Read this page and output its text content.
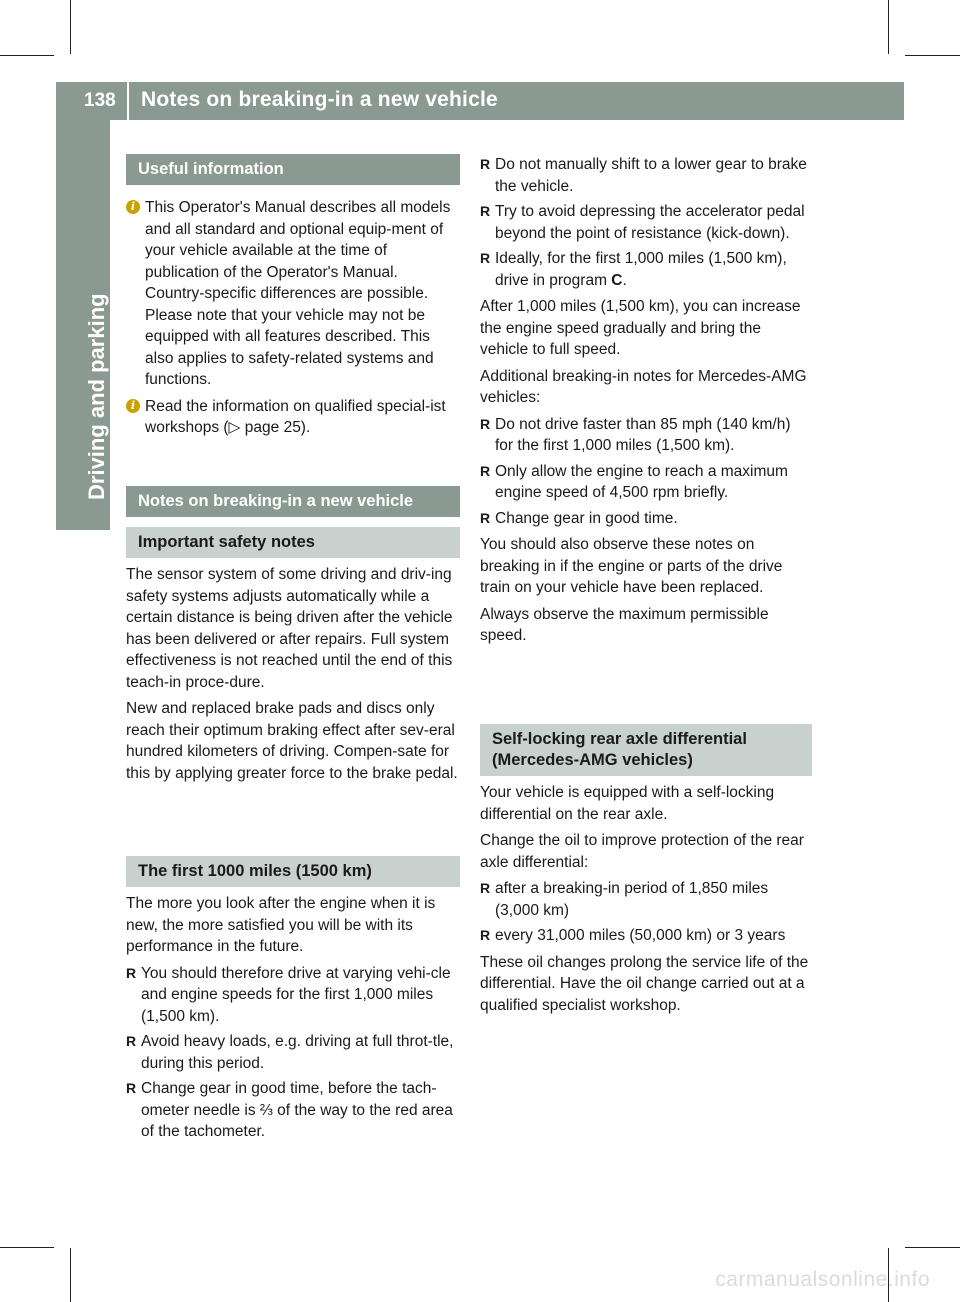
138 Notes on breaking-in a new vehicle
Driving and parking
Useful information
i This Operator's Manual describes all models and all standard and optional equip-ment of your vehicle available at the time of publication of the Operator's Manual. Country-specific differences are possible. Please note that your vehicle may not be equipped with all features described. This also applies to safety-related systems and functions.
i Read the information on qualified special-ist workshops (▷ page 25).
Notes on breaking-in a new vehicle
Important safety notes

The sensor system of some driving and driv-ing safety systems adjusts automatically while a certain distance is being driven after the vehicle has been delivered or after repairs. Full system effectiveness is not reached until the end of this teach-in proce-dure.

New and replaced brake pads and discs only reach their optimum braking effect after sev-eral hundred kilometers of driving. Compen-sate for this by applying greater force to the brake pedal.

The first 1000 miles (1500 km)

The more you look after the engine when it is new, the more satisfied you will be with its performance in the future.

R You should therefore drive at varying vehi-cle and engine speeds for the first 1,000 miles (1,500 km).
R Avoid heavy loads, e.g. driving at full throt-tle, during this period.
R Change gear in good time, before the tach-ometer needle is ⅔ of the way to the red area of the tachometer.
R Do not manually shift to a lower gear to brake the vehicle.
R Try to avoid depressing the accelerator pedal beyond the point of resistance (kick-down).
R Ideally, for the first 1,000 miles (1,500 km), drive in program C.

After 1,000 miles (1,500 km), you can increase the engine speed gradually and bring the vehicle to full speed.

Additional breaking-in notes for Mercedes-AMG vehicles:

R Do not drive faster than 85 mph (140 km/h) for the first 1,000 miles (1,500 km).
R Only allow the engine to reach a maximum engine speed of 4,500 rpm briefly.
R Change gear in good time.

You should also observe these notes on breaking in if the engine or parts of the drive train on your vehicle have been replaced.

Always observe the maximum permissible speed.

Self-locking rear axle differential (Mercedes-AMG vehicles)

Your vehicle is equipped with a self-locking differential on the rear axle.

Change the oil to improve protection of the rear axle differential:

R after a breaking-in period of 1,850 miles (3,000 km)
R every 31,000 miles (50,000 km) or 3 years

These oil changes prolong the service life of the differential. Have the oil change carried out at a qualified specialist workshop.

carmanualsonline.info
